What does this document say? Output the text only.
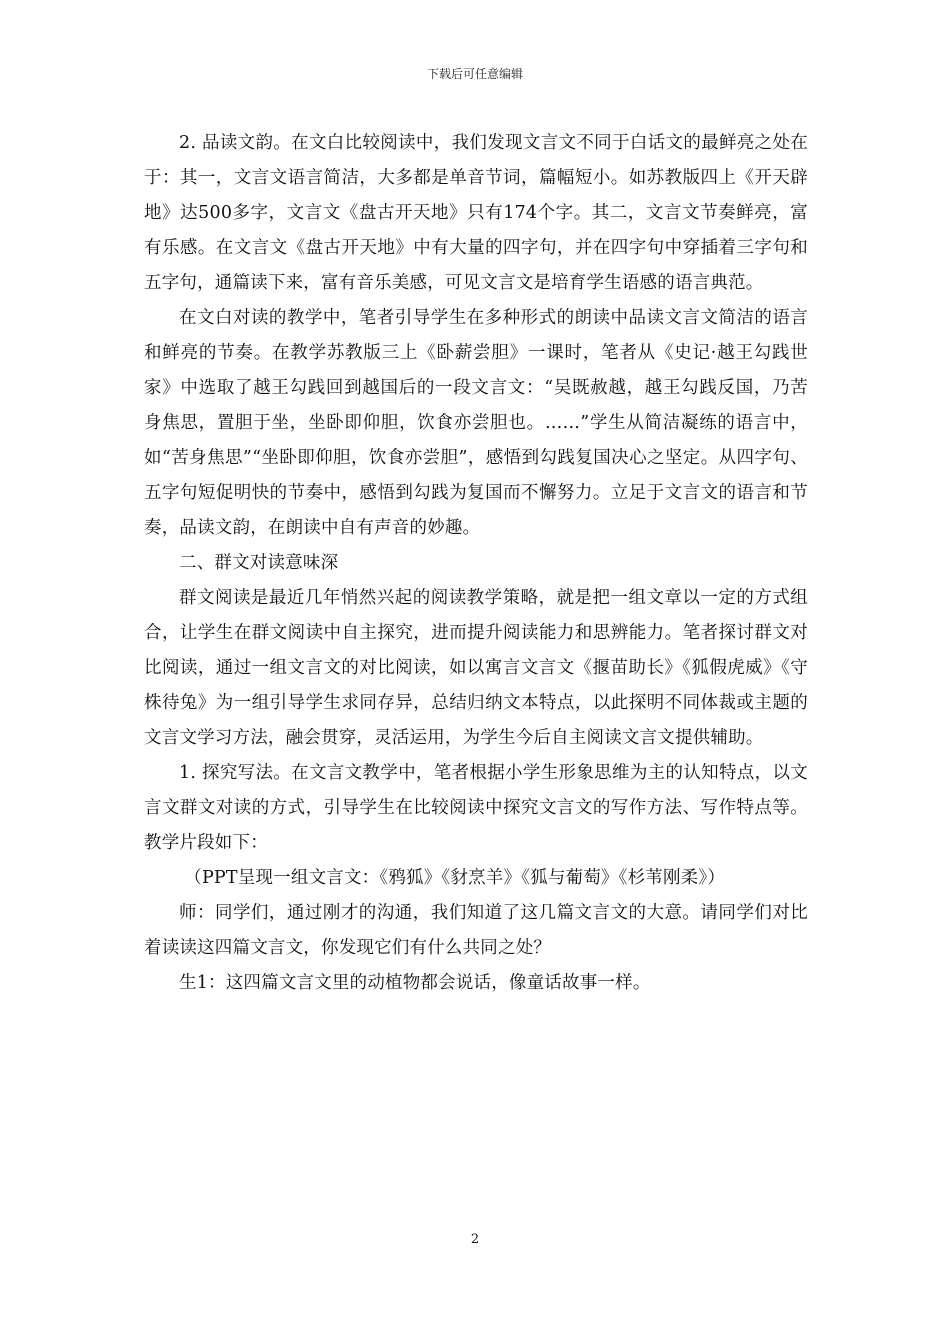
下载后可任意编辑

2. 品读文韵。在文白比较阅读中，我们发现文言文不同于白话文的最鲜亮之处在于：其一，文言文语言简洁，大多都是单音节词，篇幅短小。如苏教版四上《开天辟地》达500多字，文言文《盘古开天地》只有174个字。其二，文言文节奏鲜亮，富有乐感。在文言文《盘古开天地》中有大量的四字句，并在四字句中穿插着三字句和五字句，通篇读下来，富有音乐美感，可见文言文是培育学生语感的语言典范。

在文白对读的教学中，笔者引导学生在多种形式的朗读中品读文言文简洁的语言和鲜亮的节奏。在教学苏教版三上《卧薪尝胆》一课时，笔者从《史记·越王勾践世家》中选取了越王勾践回到越国后的一段文言文：“吴既赦越，越王勾践反国，乃苦身焦思，置胆于坐，坐卧即仰胆，饮食亦尝胆也。……”学生从简洁凝练的语言中，如“苦身焦思”“坐卧即仰胆，饮食亦尝胆”，感悟到勾践复国决心之坚定。从四字句、五字句短促明快的节奏中，感悟到勾践为复国而不懈努力。立足于文言文的语言和节奏，品读文韵，在朗读中自有声音的妙趣。

二、群文对读意味深

群文阅读是最近几年悄然兴起的阅读教学策略，就是把一组文章以一定的方式组合，让学生在群文阅读中自主探究，进而提升阅读能力和思辨能力。笔者探讨群文对比阅读，通过一组文言文的对比阅读，如以寓言文言文《揠苗助长》《狐假虎威》《守株待兔》为一组引导学生求同存异，总结归纳文本特点，以此探明不同体裁或主题的文言文学习方法，融会贯穿，灵活运用，为学生今后自主阅读文言文提供辅助。

1. 探究写法。在文言文教学中，笔者根据小学生形象思维为主的认知特点，以文言文群文对读的方式，引导学生在比较阅读中探究文言文的写作方法、写作特点等。教学片段如下：

（PPT呈现一组文言文：《鸦狐》《豺烹羊》《狐与葡萄》《杉苇刚柔》）

师：同学们，通过刚才的沟通，我们知道了这几篇文言文的大意。请同学们对比着读读这四篇文言文，你发现它们有什么共同之处？

生1：这四篇文言文里的动植物都会说话，像童话故事一样。

2
